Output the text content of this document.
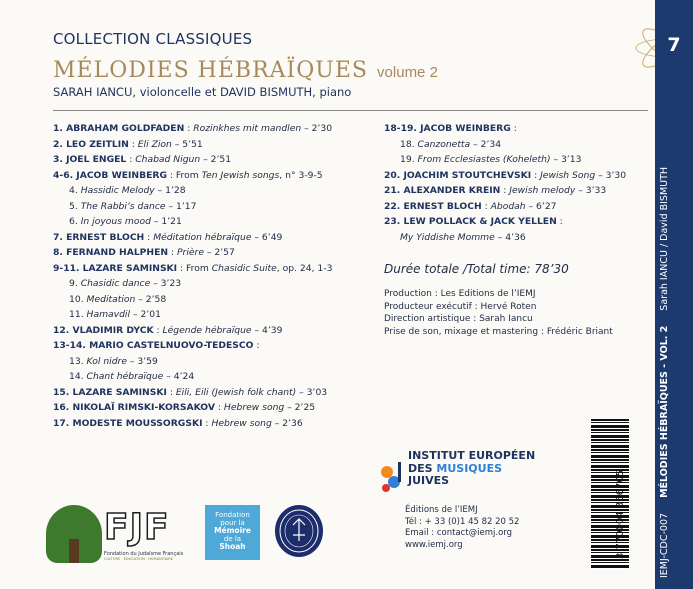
COLLECTION CLASSIQUES
MÉLODIES HÉBRAÏQUES volume 2
SARAH IANCU, violoncelle et DAVID BISMUTH, piano
1. ABRAHAM GOLDFADEN : Rozinkhes mit mandlen – 2’30
2. LEO ZEITLIN : Eli Zion – 5’51
3. JOEL ENGEL : Chabad Nigun – 2’51
4-6. JACOB WEINBERG : From Ten Jewish songs, n° 3-9-5
4. Hassidic Melody – 1’28
5. The Rabbi’s dance – 1’17
6. In joyous mood – 1’21
7. ERNEST BLOCH : Méditation hébraïque – 6’49
8. FERNAND HALPHEN : Prière – 2’57
9-11. LAZARE SAMINSKI : From Chasidic Suite, op. 24, 1-3
9. Chasidic dance – 3’23
10. Meditation – 2’58
11. Hamavdil – 2’01
12. VLADIMIR DYCK : Légende hébraïque – 4’39
13-14. MARIO CASTELNUOVO-TEDESCO :
13. Kol nidre – 3’59
14. Chant hébraïque – 4’24
15. LAZARE SAMINSKI : Eili, Eili (Jewish folk chant) – 3’03
16. NIKOLAÏ RIMSKI-KORSAKOV : Hebrew song – 2’25
17. MODESTE MOUSSORGSKI : Hebrew song – 2’36
18-19. JACOB WEINBERG :
18. Canzonetta – 2’34
19. From Ecclesiastes (Koheleth) – 3’13
20. JOACHIM STOUTCHEVSKI : Jewish Song – 3’30
21. ALEXANDER KREIN : Jewish melody – 3’33
22. ERNEST BLOCH : Abodah – 6’27
23. LEW POLLACK & JACK YELLEN :
My Yiddishe Momme – 4’36
Durée totale /Total time: 78’30
Production : Les Editions de l’IEMJ
Producteur exécutif : Hervé Roten
Direction artistique : Sarah Iancu
Prise de son, mixage et mastering : Frédéric Briant
INSTITUT EUROPÉEN
DES MUSIQUES
JUIVES
Éditions de l’IEMJ
Tél : + 33 (0)1 45 82 20 52
Email : contact@iemj.org
www.iemj.org	3 770004 366705
FJF
Fondation du Judaïsme Français
CULTURE · ÉDUCATION · HUMANITAIRE
Fondation
pour la
Mémoire
de la
Shoah
7
IEMJ-CDC-007 MÉLODIES HÉBRAÏQUES - VOL. 2 Sarah IANCU / David BISMUTH
